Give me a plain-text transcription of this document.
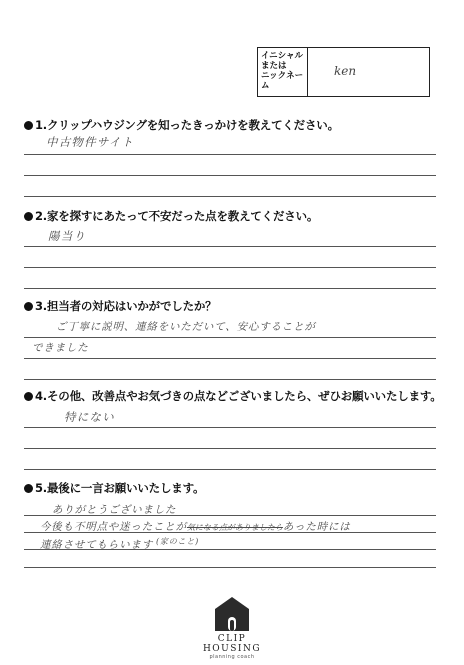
イニシャル
または
ニックネー
ム
ken
1.クリップハウジングを知ったきっかけを教えてください。
中古物件サイト
2.家を探すにあたって不安だった点を教えてください。
陽当り
3.担当者の対応はいかがでしたか？
ご丁寧に説明、連絡をいただいて、安心することが
できました
4.その他、改善点やお気づきの点などございましたら、ぜひお願いいたします。
特にない
5.最後に一言お願いいたします。
ありがとうございました
今後も不明点や迷ったことが気になる点がありましたらあった時には
連絡させてもらいます $^{(家のこと)}$
CLIP HOUSING
planning coach
